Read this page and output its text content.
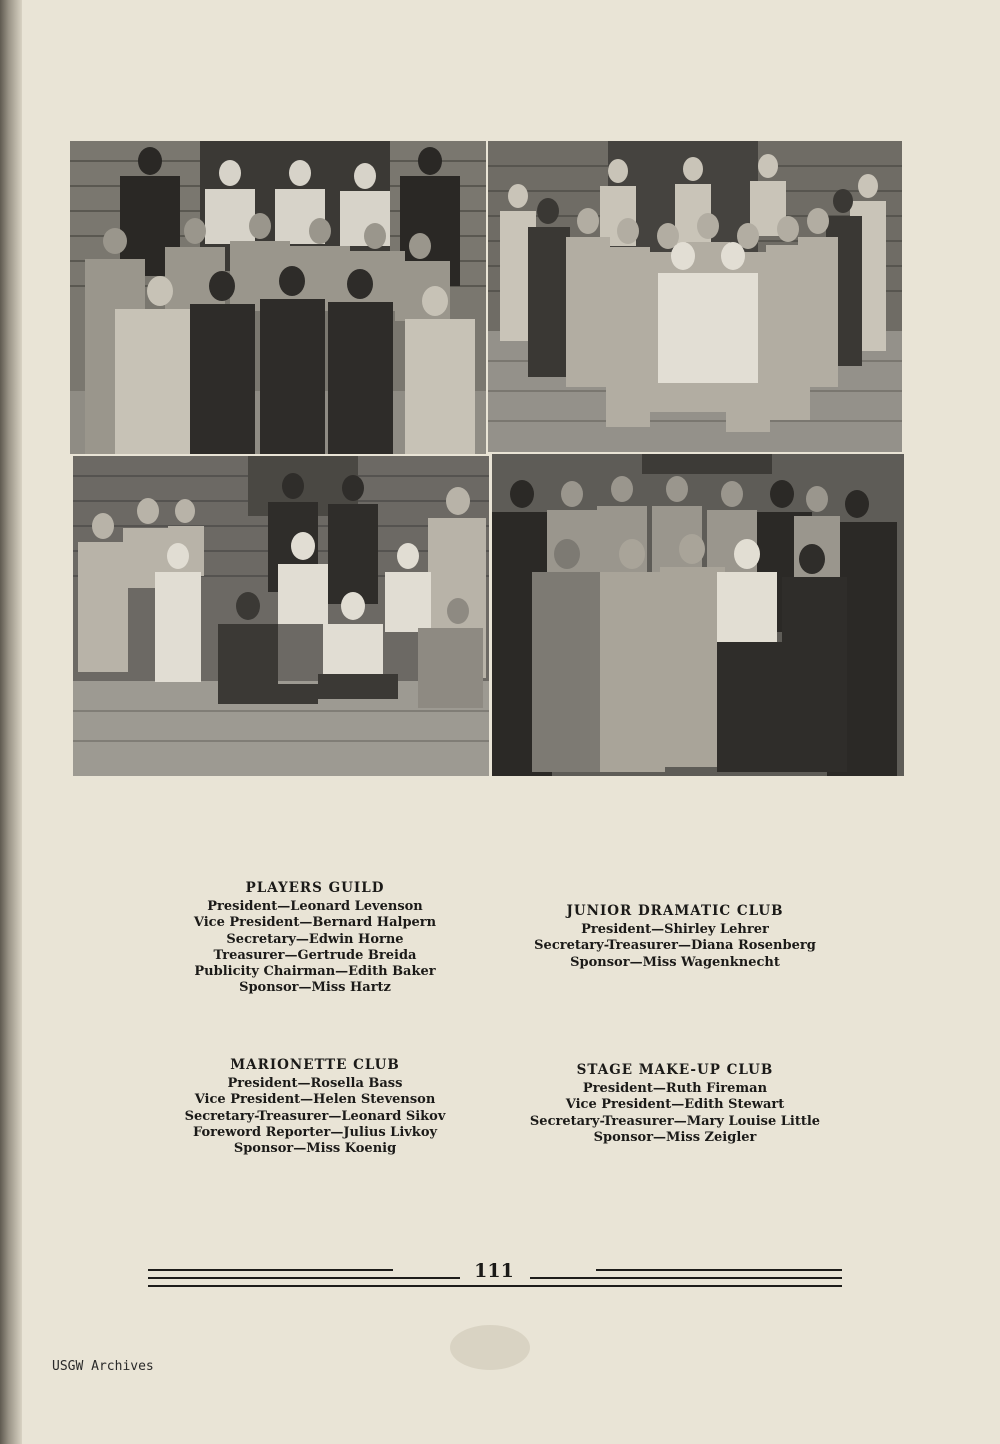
PLAYERS GUILD
President—Leonard Levenson
Vice President—Bernard Halpern
Secretary—Edwin Horne
Treasurer—Gertrude Breida
Publicity Chairman—Edith Baker
Sponsor—Miss Hartz
JUNIOR DRAMATIC CLUB
President—Shirley Lehrer
Secretary-Treasurer—Diana Rosenberg
Sponsor—Miss Wagenknecht
MARIONETTE CLUB
President—Rosella Bass
Vice President—Helen Stevenson
Secretary-Treasurer—Leonard Sikov
Foreword Reporter—Julius Livkoy
Sponsor—Miss Koenig
STAGE MAKE-UP CLUB
President—Ruth Fireman
Vice President—Edith Stewart
Secretary-Treasurer—Mary Louise Little
Sponsor—Miss Zeigler
111
USGW Archives
